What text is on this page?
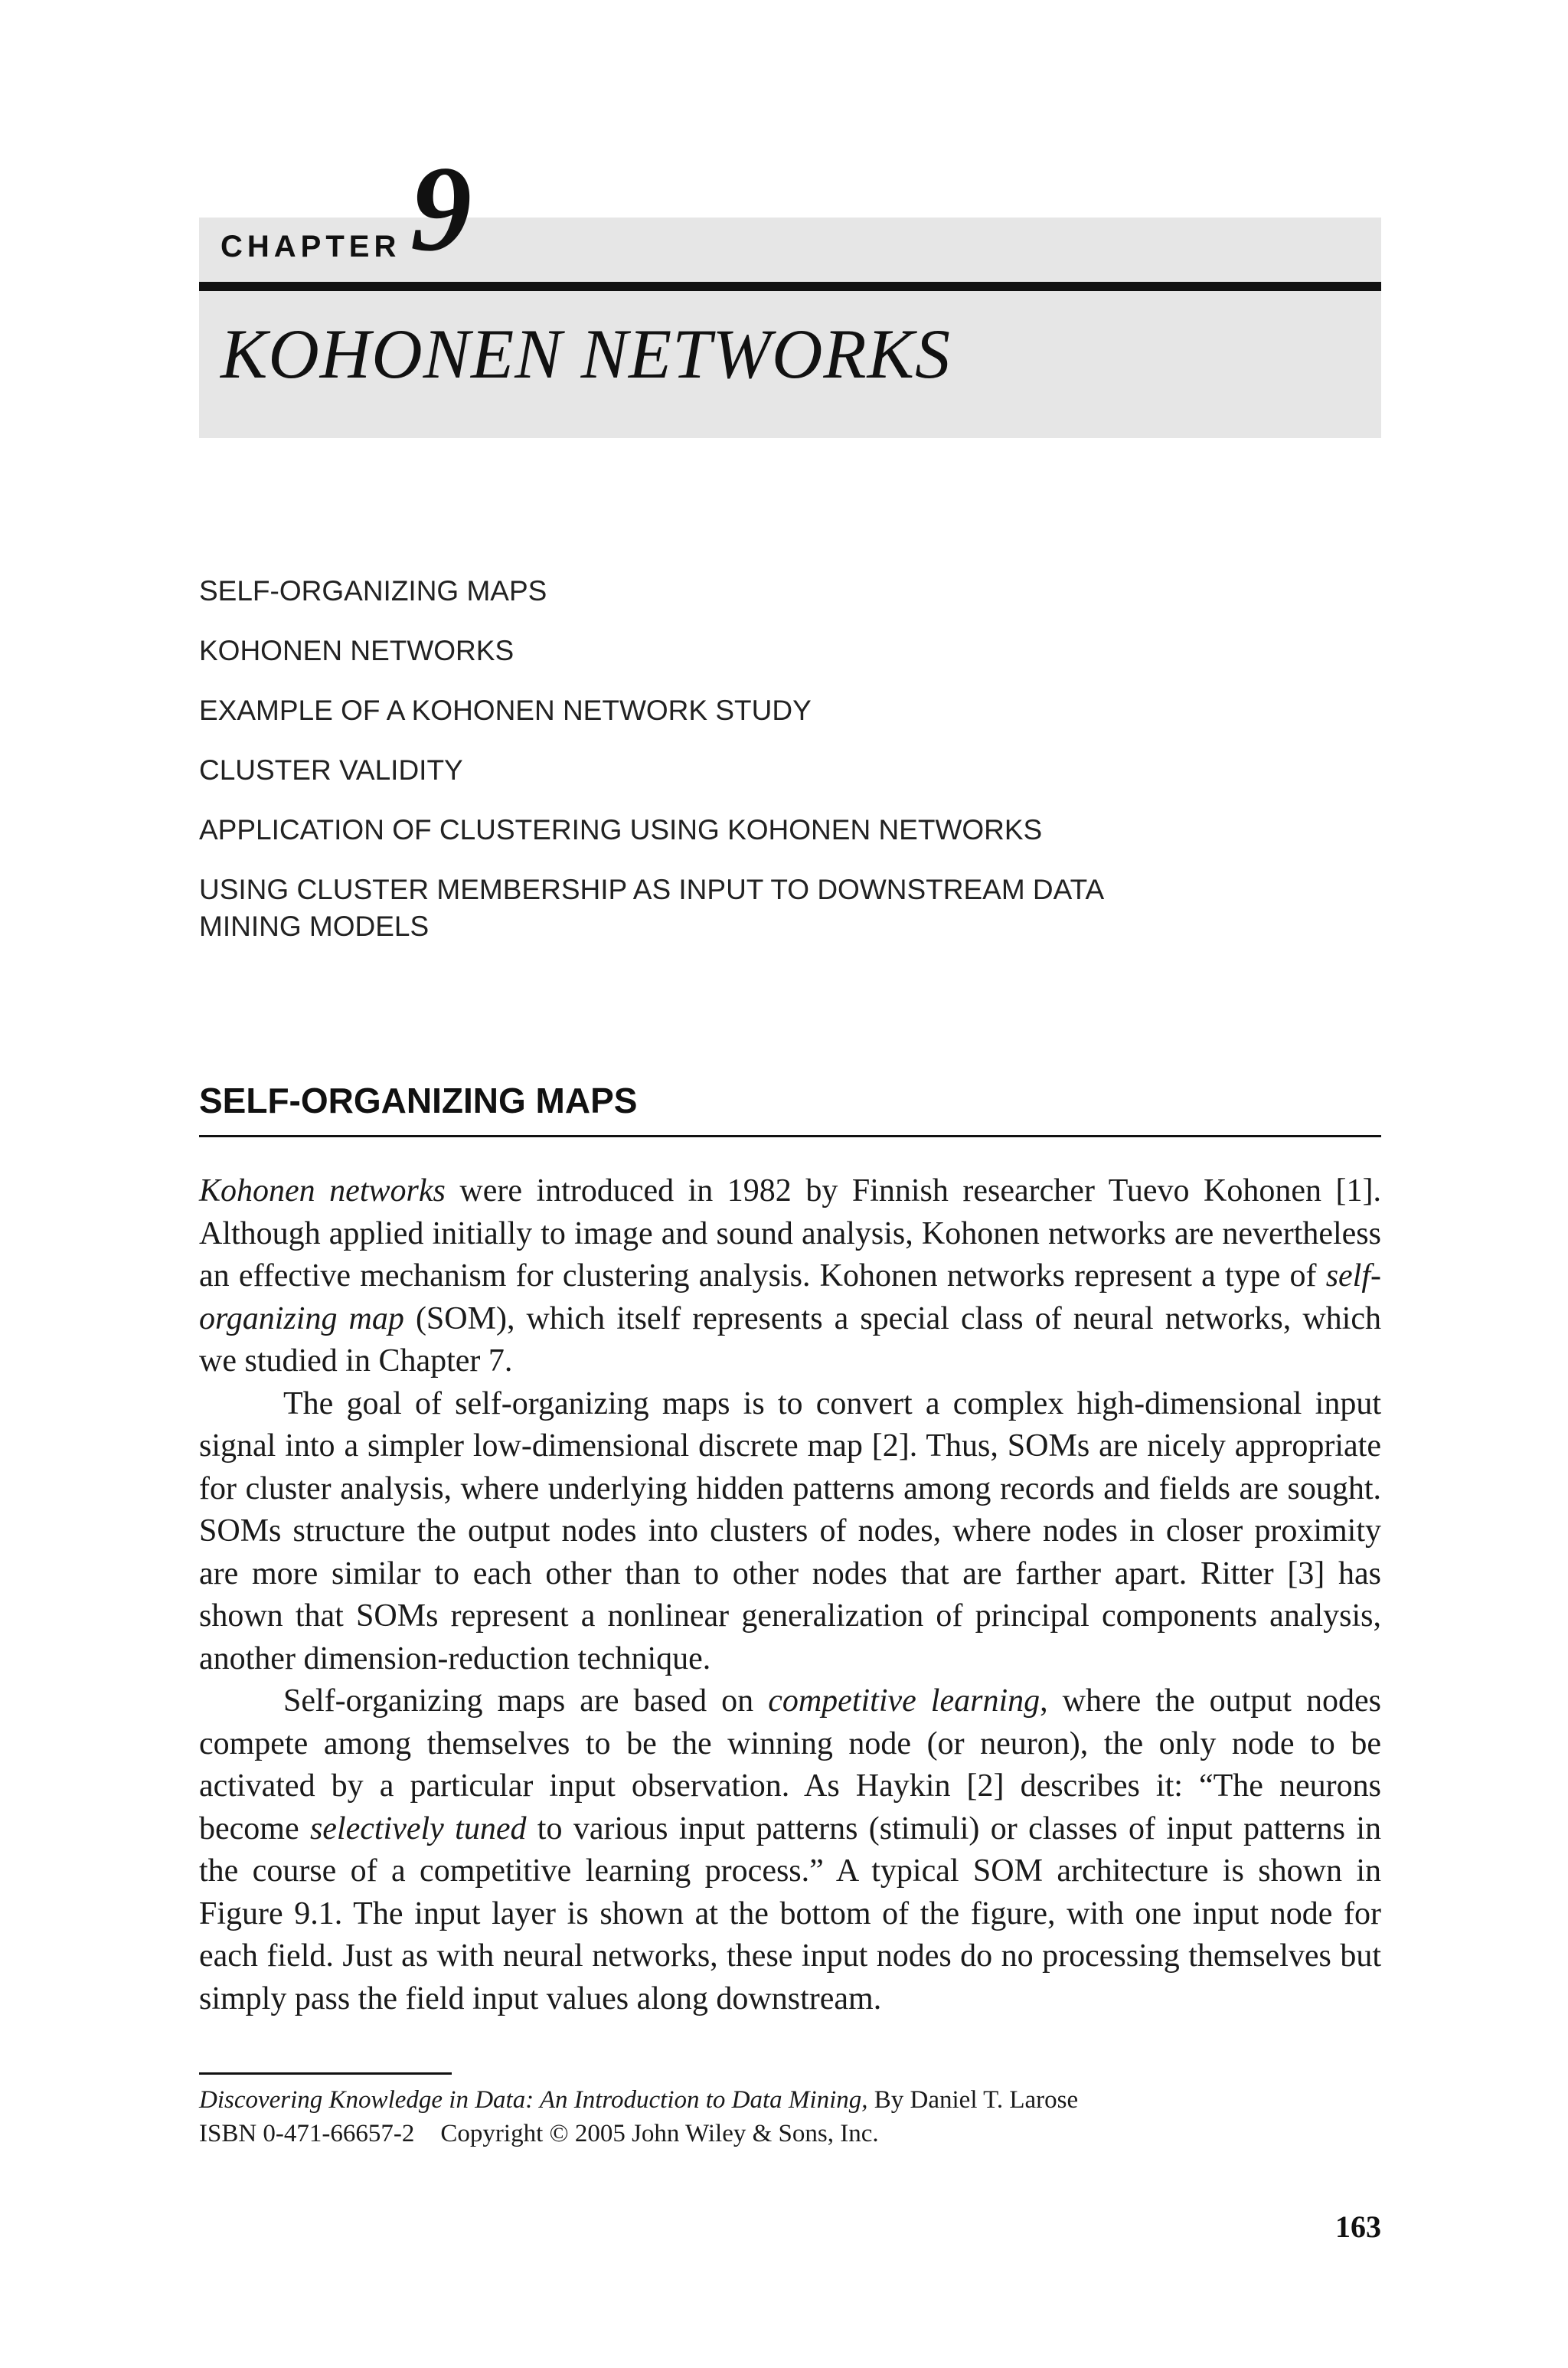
CHAPTER 9
KOHONEN NETWORKS
SELF-ORGANIZING MAPS
KOHONEN NETWORKS
EXAMPLE OF A KOHONEN NETWORK STUDY
CLUSTER VALIDITY
APPLICATION OF CLUSTERING USING KOHONEN NETWORKS
USING CLUSTER MEMBERSHIP AS INPUT TO DOWNSTREAM DATA MINING MODELS
SELF-ORGANIZING MAPS

Kohonen networks were introduced in 1982 by Finnish researcher Tuevo Kohonen [1]. Although applied initially to image and sound analysis, Kohonen networks are nevertheless an effective mechanism for clustering analysis. Kohonen networks represent a type of self-organizing map (SOM), which itself represents a special class of neural networks, which we studied in Chapter 7.

The goal of self-organizing maps is to convert a complex high-dimensional input signal into a simpler low-dimensional discrete map [2]. Thus, SOMs are nicely appropriate for cluster analysis, where underlying hidden patterns among records and fields are sought. SOMs structure the output nodes into clusters of nodes, where nodes in closer proximity are more similar to each other than to other nodes that are farther apart. Ritter [3] has shown that SOMs represent a nonlinear generalization of principal components analysis, another dimension-reduction technique.

Self-organizing maps are based on competitive learning, where the output nodes compete among themselves to be the winning node (or neuron), the only node to be activated by a particular input observation. As Haykin [2] describes it: “The neurons become selectively tuned to various input patterns (stimuli) or classes of input patterns in the course of a competitive learning process.” A typical SOM architecture is shown in Figure 9.1. The input layer is shown at the bottom of the figure, with one input node for each field. Just as with neural networks, these input nodes do no processing themselves but simply pass the field input values along downstream.

Discovering Knowledge in Data: An Introduction to Data Mining, By Daniel T. Larose
ISBN 0-471-66657-2 Copyright © 2005 John Wiley & Sons, Inc.
163
